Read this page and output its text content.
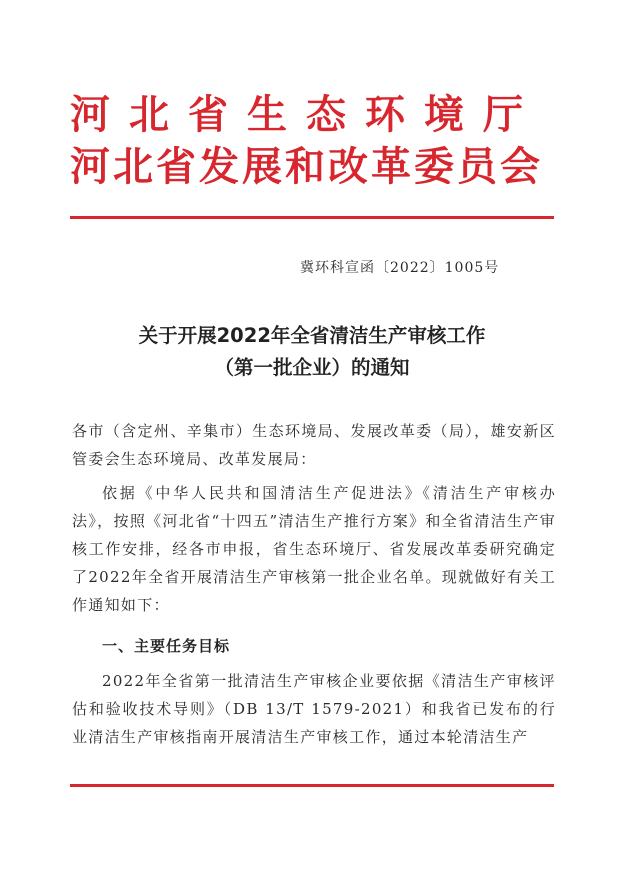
河北省生态环境厅
河北省发展和改革委员会
冀环科宣函〔2022〕1005号
关于开展2022年全省清洁生产审核工作
（第一批企业）的通知
各市（含定州、辛集市）生态环境局、发展改革委（局），雄安新区管委会生态环境局、改革发展局：
依据《中华人民共和国清洁生产促进法》《清洁生产审核办法》，按照《河北省“十四五”清洁生产推行方案》和全省清洁生产审核工作安排，经各市申报，省生态环境厅、省发展改革委研究确定了2022年全省开展清洁生产审核第一批企业名单。现就做好有关工作通知如下：
一、主要任务目标
2022年全省第一批清洁生产审核企业要依据《清洁生产审核评估和验收技术导则》（DB 13/T 1579-2021）和我省已发布的行业清洁生产审核指南开展清洁生产审核工作，通过本轮清洁生产
